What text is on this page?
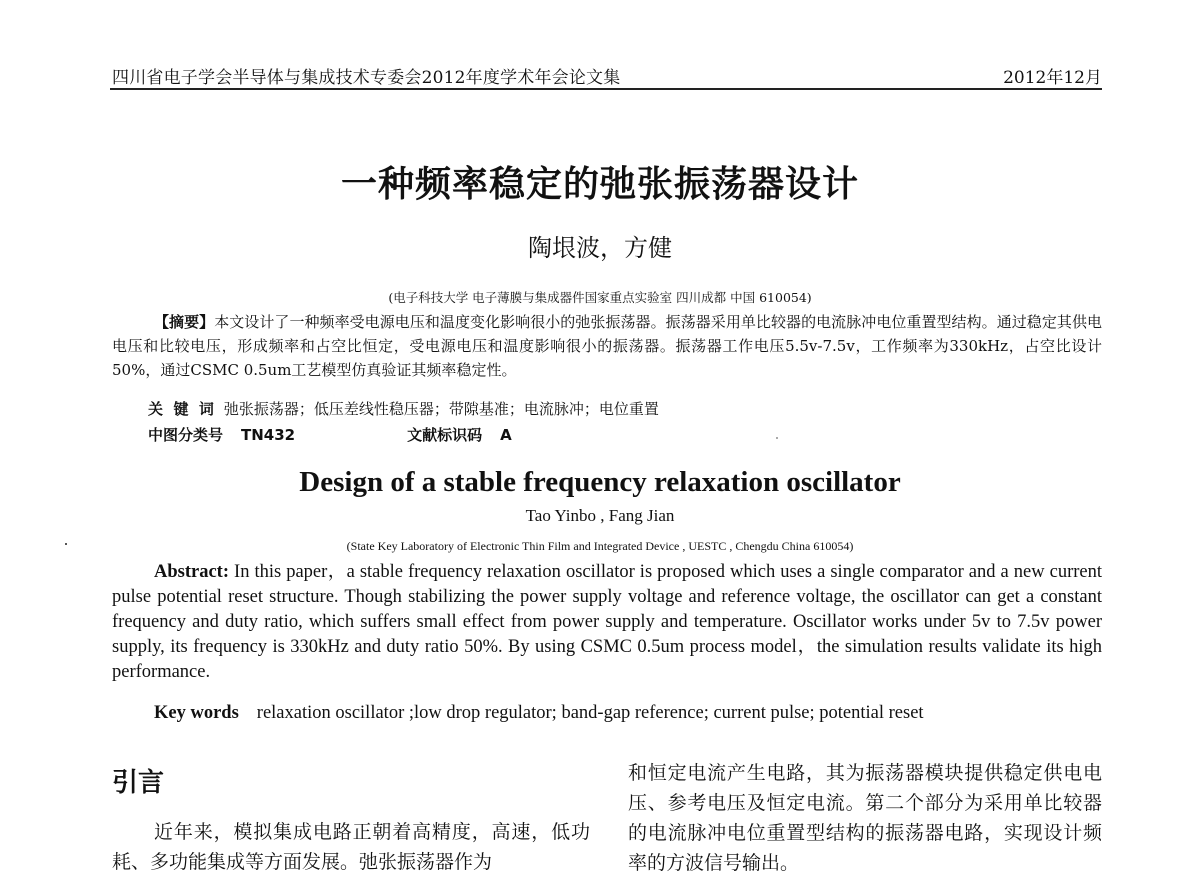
四川省电子学会半导体与集成技术专委会2012年度学术年会论文集	2012年12月
一种频率稳定的弛张振荡器设计
陶垠波，方健
(电子科技大学 电子薄膜与集成器件国家重点实验室 四川成都 中国 610054)
【摘要】本文设计了一种频率受电源电压和温度变化影响很小的弛张振荡器。振荡器采用单比较器的电流脉冲电位重置型结构。通过稳定其供电电压和比较电压，形成频率和占空比恒定，受电源电压和温度影响很小的振荡器。振荡器工作电压5.5v-7.5v，工作频率为330kHz，占空比设计50%，通过CSMC 0.5um工艺模型仿真验证其频率稳定性。
关  键  词 弛张振荡器；低压差线性稳压器；带隙基准；电流脉冲；电位重置
中图分类号 TN432	文献标识码 A
Design of a stable frequency relaxation oscillator
Tao Yinbo , Fang Jian
(State Key Laboratory of Electronic Thin Film and Integrated Device , UESTC , Chengdu China 610054)
Abstract: In this paper，a stable frequency relaxation oscillator is proposed which uses a single comparator and a new current pulse potential reset structure. Though stabilizing the power supply voltage and reference voltage, the oscillator can get a constant frequency and duty ratio, which suffers small effect from power supply and temperature. Oscillator works under 5v to 7.5v power supply, its frequency is 330kHz and duty ratio 50%. By using CSMC 0.5um process model，the simulation results validate its high performance.
Key words relaxation oscillator ;low drop regulator; band-gap reference; current pulse; potential reset
引言
近年来，模拟集成电路正朝着高精度，高速，低功耗、多功能集成等方面发展。弛张振荡器作为
和恒定电流产生电路，其为振荡器模块提供稳定供电电压、参考电压及恒定电流。第二个部分为采用单比较器的电流脉冲电位重置型结构的振荡器电路，实现设计频率的方波信号输出。
